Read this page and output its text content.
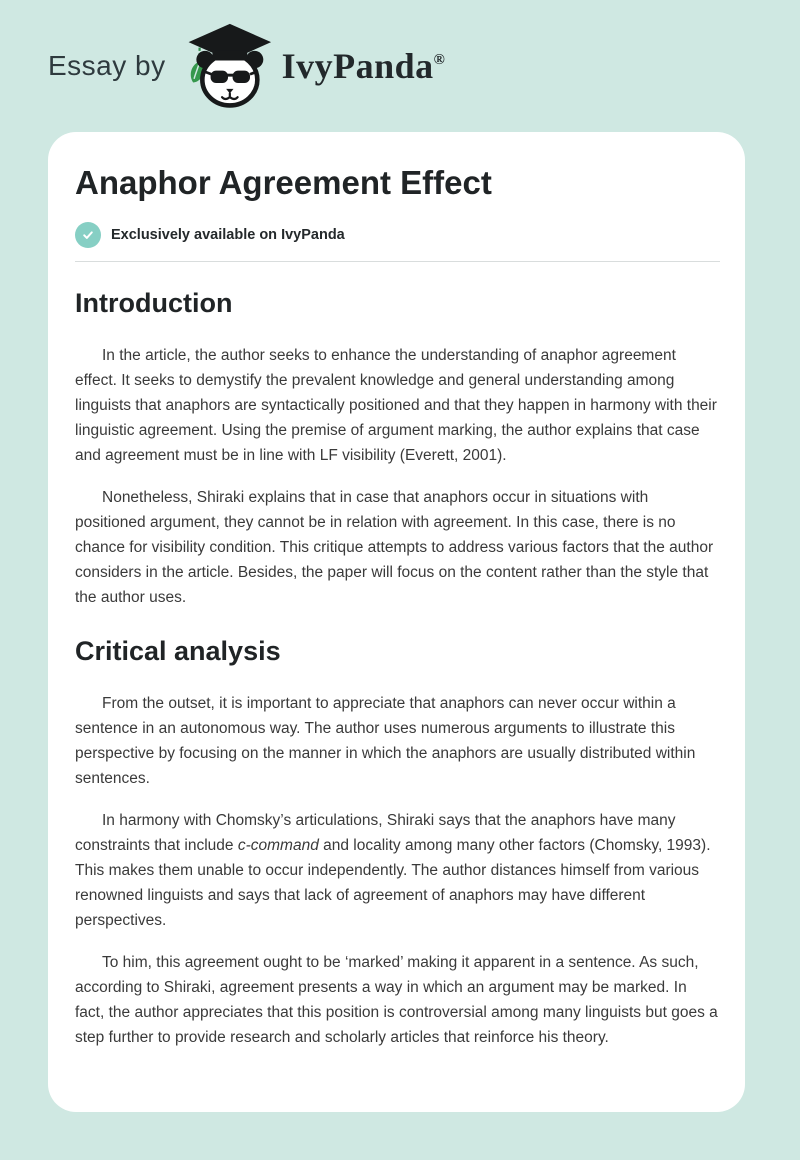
Essay by	IvyPanda®
Anaphor Agreement Effect
Exclusively available on IvyPanda
Introduction

In the article, the author seeks to enhance the understanding of anaphor agreement effect. It seeks to demystify the prevalent knowledge and general understanding among linguists that anaphors are syntactically positioned and that they happen in harmony with their linguistic agreement. Using the premise of argument marking, the author explains that case and agreement must be in line with LF visibility (Everett, 2001).

Nonetheless, Shiraki explains that in case that anaphors occur in situations with positioned argument, they cannot be in relation with agreement. In this case, there is no chance for visibility condition. This critique attempts to address various factors that the author considers in the article. Besides, the paper will focus on the content rather than the style that the author uses.

Critical analysis

From the outset, it is important to appreciate that anaphors can never occur within a sentence in an autonomous way. The author uses numerous arguments to illustrate this perspective by focusing on the manner in which the anaphors are usually distributed within sentences.

In harmony with Chomsky’s articulations, Shiraki says that the anaphors have many constraints that include c-command and locality among many other factors (Chomsky, 1993). This makes them unable to occur independently. The author distances himself from various renowned linguists and says that lack of agreement of anaphors may have different perspectives.

To him, this agreement ought to be ‘marked’ making it apparent in a sentence. As such, according to Shiraki, agreement presents a way in which an argument may be marked. In fact, the author appreciates that this position is controversial among many linguists but goes a step further to provide research and scholarly articles that reinforce his theory.
